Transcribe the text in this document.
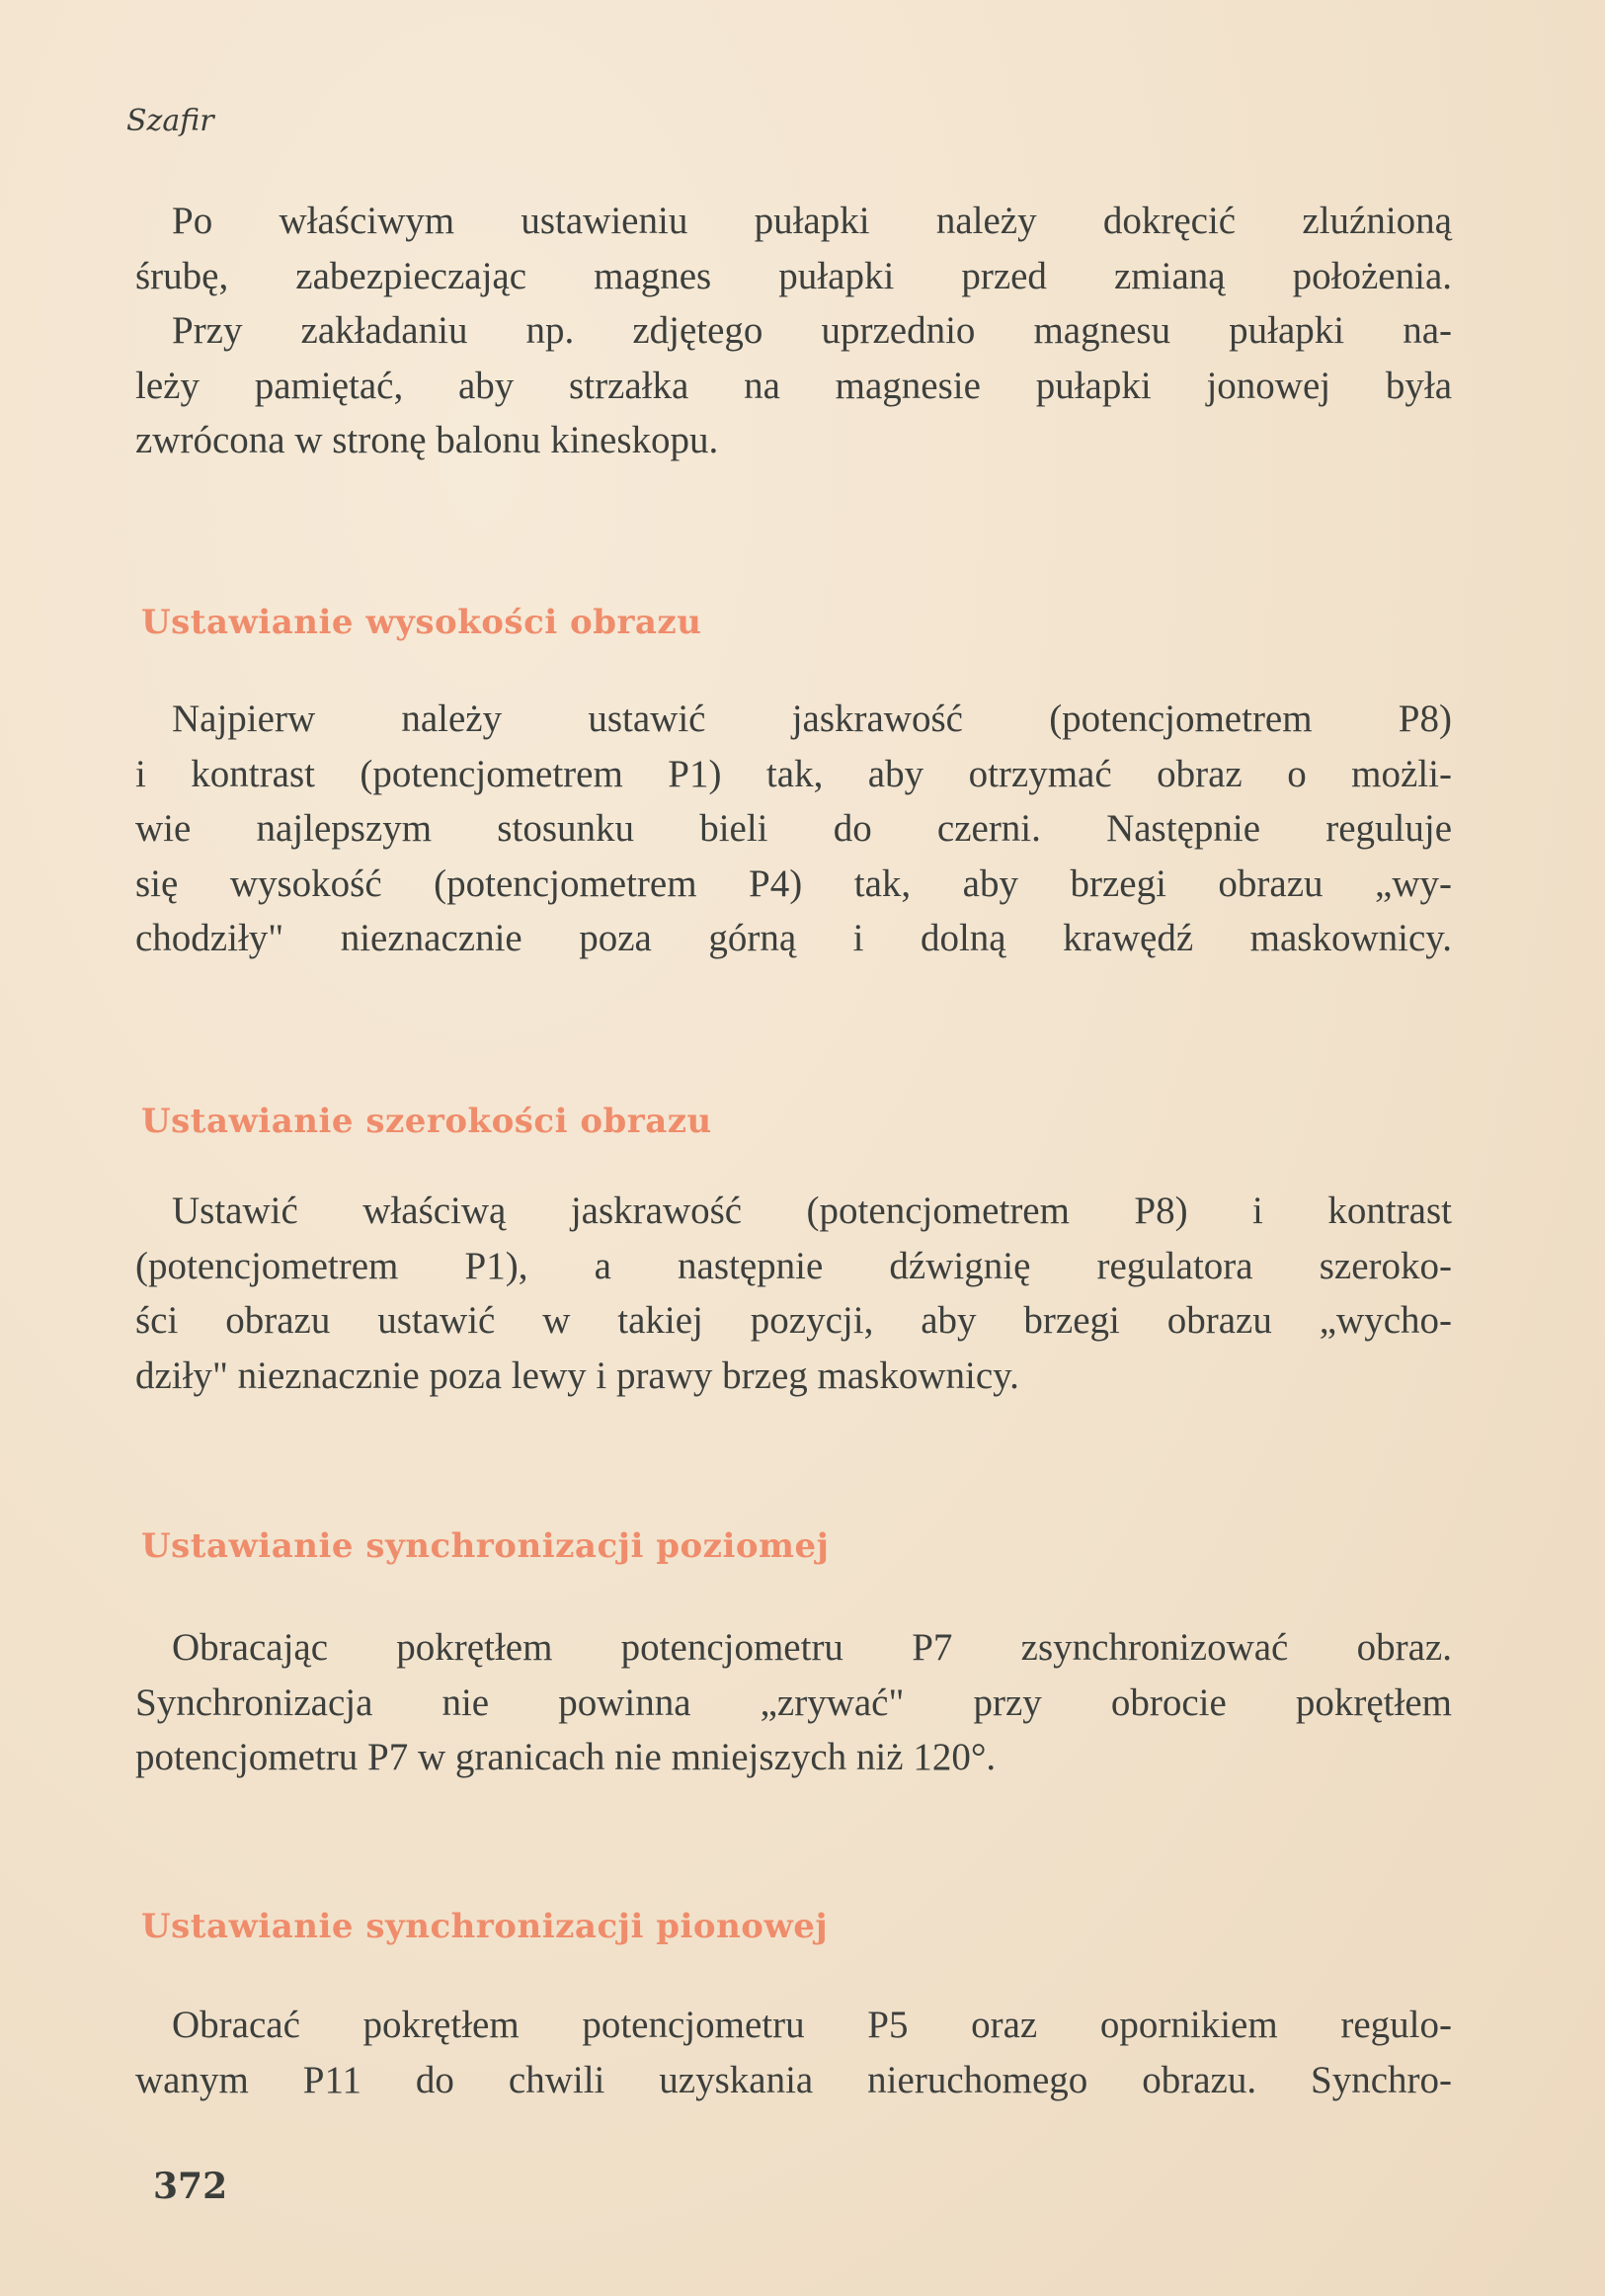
Szafir
Po właściwym ustawieniu pułapki należy dokręcić zluźnioną
śrubę, zabezpieczając magnes pułapki przed zmianą położenia.
Przy zakładaniu np. zdjętego uprzednio magnesu pułapki na-
leży pamiętać, aby strzałka na magnesie pułapki jonowej była
zwrócona w stronę balonu kineskopu.
Ustawianie wysokości obrazu
Najpierw należy ustawić jaskrawość (potencjometrem P8)
i kontrast (potencjometrem P1) tak, aby otrzymać obraz o możli-
wie najlepszym stosunku bieli do czerni. Następnie reguluje
się wysokość (potencjometrem P4) tak, aby brzegi obrazu „wy-
chodziły" nieznacznie poza górną i dolną krawędź maskownicy.
Ustawianie szerokości obrazu
Ustawić właściwą jaskrawość (potencjometrem P8) i kontrast
(potencjometrem P1), a następnie dźwignię regulatora szeroko-
ści obrazu ustawić w takiej pozycji, aby brzegi obrazu „wycho-
dziły" nieznacznie poza lewy i prawy brzeg maskownicy.
Ustawianie synchronizacji poziomej
Obracając pokrętłem potencjometru P7 zsynchronizować obraz.
Synchronizacja nie powinna „zrywać" przy obrocie pokrętłem
potencjometru P7 w granicach nie mniejszych niż 120°.
Ustawianie synchronizacji pionowej
Obracać pokrętłem potencjometru P5 oraz opornikiem regulo-
wanym P11 do chwili uzyskania nieruchomego obrazu. Synchro-
372
